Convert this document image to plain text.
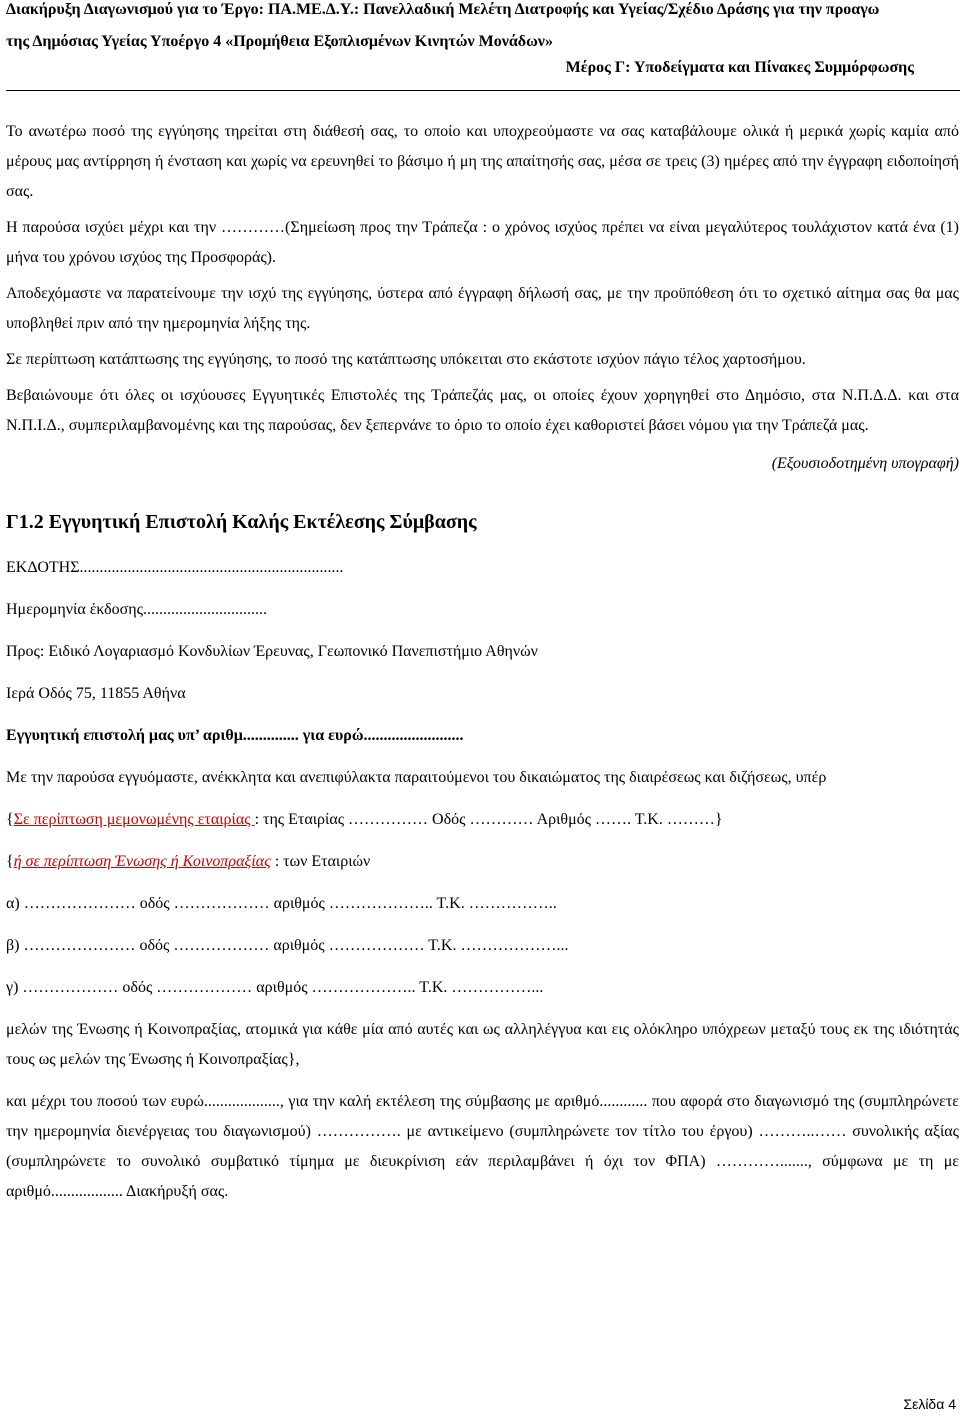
Διακήρυξη Διαγωνισμού για το Έργο: ΠΑ.ΜΕ.Δ.Υ.: Πανελλαδική Μελέτη Διατροφής και Υγείας/Σχέδιο Δράσης για την προαγω
της Δημόσιας Υγείας Υποέργο 4 «Προμήθεια Εξοπλισμένων Κινητών Μονάδων»
Μέρος Γ: Υποδείγματα και Πίνακες Συμμόρφωσης

Το ανωτέρω ποσό της εγγύησης τηρείται στη διάθεσή σας, το οποίο και υποχρεούμαστε να σας καταβάλουμε ολικά ή μερικά χωρίς καμία από μέρους μας αντίρρηση ή ένσταση και χωρίς να ερευνηθεί το βάσιμο ή μη της απαίτησής σας, μέσα σε τρεις (3) ημέρες από την έγγραφη ειδοποίησή σας.

Η παρούσα ισχύει μέχρι και την …………(Σημείωση προς την Τράπεζα : ο χρόνος ισχύος πρέπει να είναι μεγαλύτερος τουλάχιστον κατά ένα (1) μήνα του χρόνου ισχύος της Προσφοράς).

Αποδεχόμαστε να παρατείνουμε την ισχύ της εγγύησης, ύστερα από έγγραφη δήλωσή σας, με την προϋπόθεση ότι το σχετικό αίτημα σας θα μας υποβληθεί πριν από την ημερομηνία λήξης της.

Σε περίπτωση κατάπτωσης της εγγύησης, το ποσό της κατάπτωσης υπόκειται στο εκάστοτε ισχύον πάγιο τέλος χαρτοσήμου.

Βεβαιώνουμε ότι όλες οι ισχύουσες Εγγυητικές Επιστολές της Τράπεζάς μας, οι οποίες έχουν χορηγηθεί στο Δημόσιο, στα Ν.Π.Δ.Δ. και στα Ν.Π.Ι.Δ., συμπεριλαμβανομένης και της παρούσας, δεν ξεπερνάνε το όριο το οποίο έχει καθοριστεί βάσει νόμου για την Τράπεζά μας.

(Εξουσιοδοτημένη υπογραφή)

Γ1.2 Εγγυητική Επιστολή Καλής Εκτέλεσης Σύμβασης

ΕΚΔΟΤΗΣ..................................................................

Ημερομηνία έκδοσης...............................

Προς: Ειδικό Λογαριασμό Κονδυλίων Έρευνας, Γεωπονικό Πανεπιστήμιο Αθηνών

Ιερά Οδός 75, 11855 Αθήνα

Εγγυητική επιστολή μας υπ’ αριθμ.............. για ευρώ.........................

Με την παρούσα εγγυόμαστε, ανέκκλητα και ανεπιφύλακτα παραιτούμενοι του δικαιώματος της διαιρέσεως και διζήσεως, υπέρ

{Σε περίπτωση μεμονωμένης εταιρίας : της Εταιρίας …………… Οδός ………… Αριθμός ……. Τ.Κ. ………}

{ή σε περίπτωση Ένωσης ή Κοινοπραξίας : των Εταιριών

α) ………………… οδός ……………… αριθμός ……………….. Τ.Κ. ……………..

β) ………………… οδός ……………… αριθμός ……………… Τ.Κ. ………………...

γ) ……………… οδός ……………… αριθμός ……………….. Τ.Κ. ……………...

μελών της Ένωσης ή Κοινοπραξίας, ατομικά για κάθε μία από αυτές και ως αλληλέγγυα και εις ολόκληρο υπόχρεων μεταξύ τους εκ της ιδιότητάς τους ως μελών της Ένωσης ή Κοινοπραξίας},

και μέχρι του ποσού των ευρώ..................., για την καλή εκτέλεση της σύμβασης με αριθμό............ που αφορά στο διαγωνισμό της (συμπληρώνετε την ημερομηνία διενέργειας του διαγωνισμού) ……………. με αντικείμενο (συμπληρώνετε τον τίτλο του έργου) ………..…… συνολικής αξίας (συμπληρώνετε το συνολικό συμβατικό τίμημα με διευκρίνιση εάν περιλαμβάνει ή όχι τον ΦΠΑ) …………......., σύμφωνα με τη με αριθμό.................. Διακήρυξή σας.

Σελίδα 4
